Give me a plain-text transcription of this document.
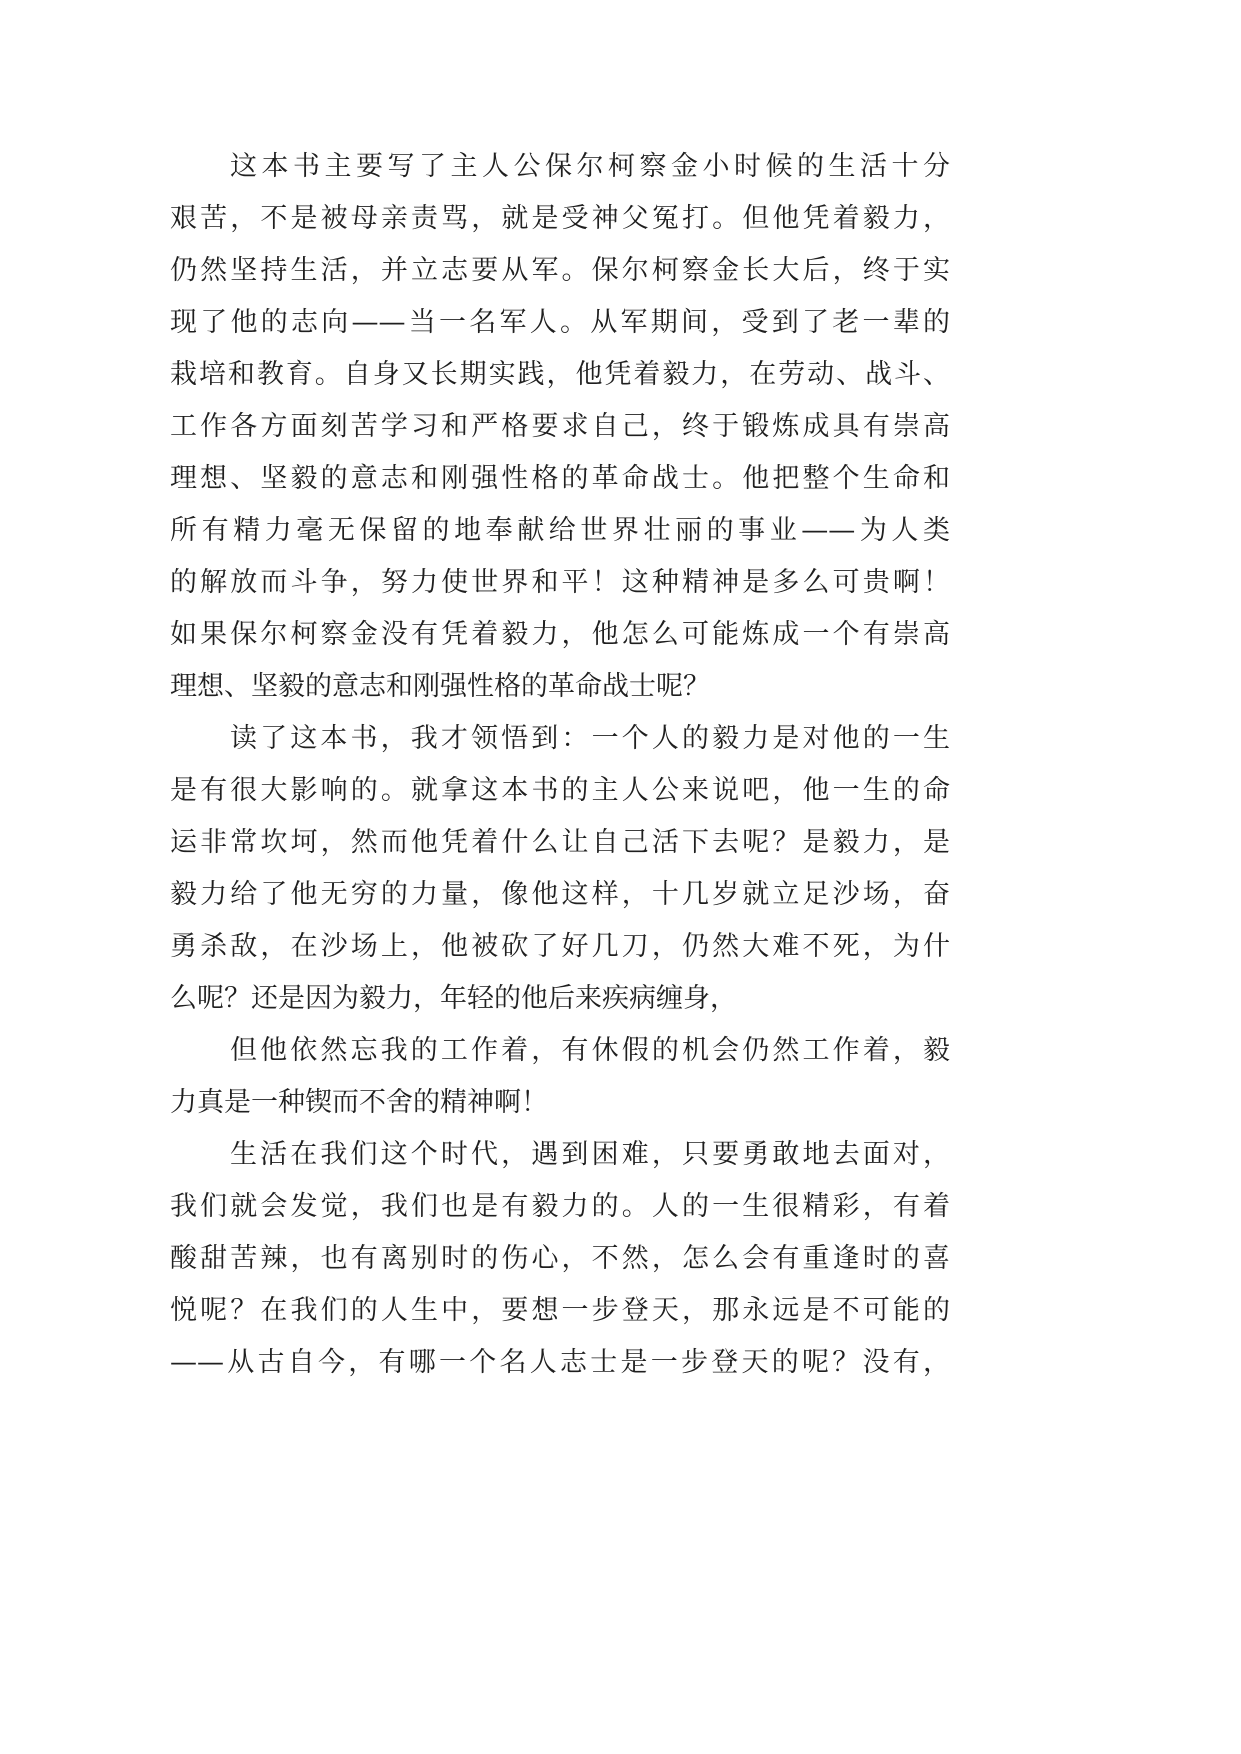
这本书主要写了主人公保尔柯察金小时候的生活十分
艰苦，不是被母亲责骂，就是受神父冤打。但他凭着毅力，
仍然坚持生活，并立志要从军。保尔柯察金长大后，终于实
现了他的志向——当一名军人。从军期间，受到了老一辈的
栽培和教育。自身又长期实践，他凭着毅力，在劳动、战斗、
工作各方面刻苦学习和严格要求自己，终于锻炼成具有崇高
理想、坚毅的意志和刚强性格的革命战士。他把整个生命和
所有精力毫无保留的地奉献给世界壮丽的事业——为人类
的解放而斗争，努力使世界和平！这种精神是多么可贵啊！
如果保尔柯察金没有凭着毅力，他怎么可能炼成一个有崇高
理想、坚毅的意志和刚强性格的革命战士呢？
读了这本书，我才领悟到：一个人的毅力是对他的一生
是有很大影响的。就拿这本书的主人公来说吧，他一生的命
运非常坎坷，然而他凭着什么让自己活下去呢？是毅力，是
毅力给了他无穷的力量，像他这样，十几岁就立足沙场，奋
勇杀敌，在沙场上，他被砍了好几刀，仍然大难不死，为什
么呢？还是因为毅力，年轻的他后来疾病缠身，
但他依然忘我的工作着，有休假的机会仍然工作着，毅
力真是一种锲而不舍的精神啊！
生活在我们这个时代，遇到困难，只要勇敢地去面对，
我们就会发觉，我们也是有毅力的。人的一生很精彩，有着
酸甜苦辣，也有离别时的伤心，不然，怎么会有重逢时的喜
悦呢？在我们的人生中，要想一步登天，那永远是不可能的
——从古自今，有哪一个名人志士是一步登天的呢？没有，
